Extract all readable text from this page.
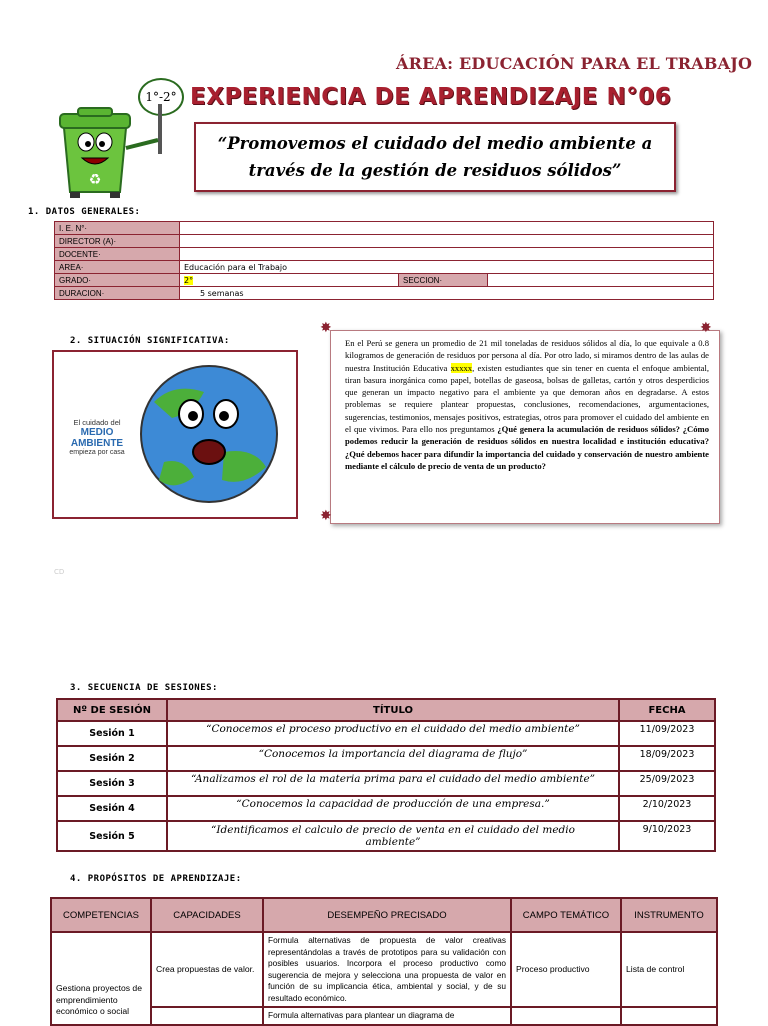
ÁREA: EDUCACIÓN PARA EL TRABAJO
EXPERIENCIA DE APRENDIZAJE N°06
1°-2°
♻
“Promovemos el cuidado del medio ambiente a través de la gestión de residuos sólidos”
1. DATOS GENERALES:
I. E. N°·			
DIRECTOR (A)·			
DOCENTE·			
AREA·	Educación para el Trabajo		
GRADO·	2°	SECCION·	
DURACION·	5 semanas		
2. SITUACIÓN SIGNIFICATIVA:
El cuidado del
MEDIO
AMBIENTE
empieza por casa
En el Perú se genera un promedio de 21 mil toneladas de residuos sólidos al día, lo que equivale a 0.8 kilogramos de generación de residuos por persona al día. Por otro lado, si miramos dentro de las aulas de nuestra Institución Educativa xxxxx, existen estudiantes que sin tener en cuenta el enfoque ambiental, tiran basura inorgánica como papel, botellas de gaseosa, bolsas de galletas, cartón y otros desperdicios que generan un impacto negativo para el ambiente ya que demoran años en degradarse. A estos problemas se requiere plantear propuestas, conclusiones, recomendaciones, argumentaciones, sugerencias, testimonios, mensajes positivos, estrategias, otros para promover el cuidado del ambiente en el que vivimos. Para ello nos preguntamos ¿Qué genera la acumulación de residuos sólidos? ¿Cómo podemos reducir la generación de residuos sólidos en nuestra localidad e institución educativa? ¿Qué debemos hacer para difundir la importancia del cuidado y conservación de nuestro ambiente mediante el cálculo de precio de venta de un producto?
✸	✸
✸
CD
3. SECUENCIA DE SESIONES:
Nº DE SESIÓN	TÍTULO	FECHA
Sesión 1	“Conocemos el proceso productivo en el cuidado del medio ambiente”	11/09/2023
Sesión 2	“Conocemos la importancia del diagrama de flujo”	18/09/2023
Sesión 3	“Analizamos el rol de la materia prima para el cuidado del medio ambiente”	25/09/2023
Sesión 4	“Conocemos la capacidad de producción de una empresa.”	2/10/2023
Sesión 5	“Identificamos el calculo de precio de venta en el cuidado del medio ambiente”	9/10/2023
4. PROPÓSITOS DE APRENDIZAJE:
COMPETENCIAS	CAPACIDADES	DESEMPEÑO PRECISADO	CAMPO TEMÁTICO	INSTRUMENTO
Gestiona proyectos de emprendimiento económico o social	Crea propuestas de valor.	Formula alternativas de propuesta de valor creativas representándolas a través de prototipos para su validación con posibles usuarios. Incorpora el proceso productivo como sugerencia de mejora y selecciona una propuesta de valor en función de su implicancia ética, ambiental y social, y de su resultado económico.	Proceso productivo	Lista de control
		Formula alternativas para plantear un diagrama de		
